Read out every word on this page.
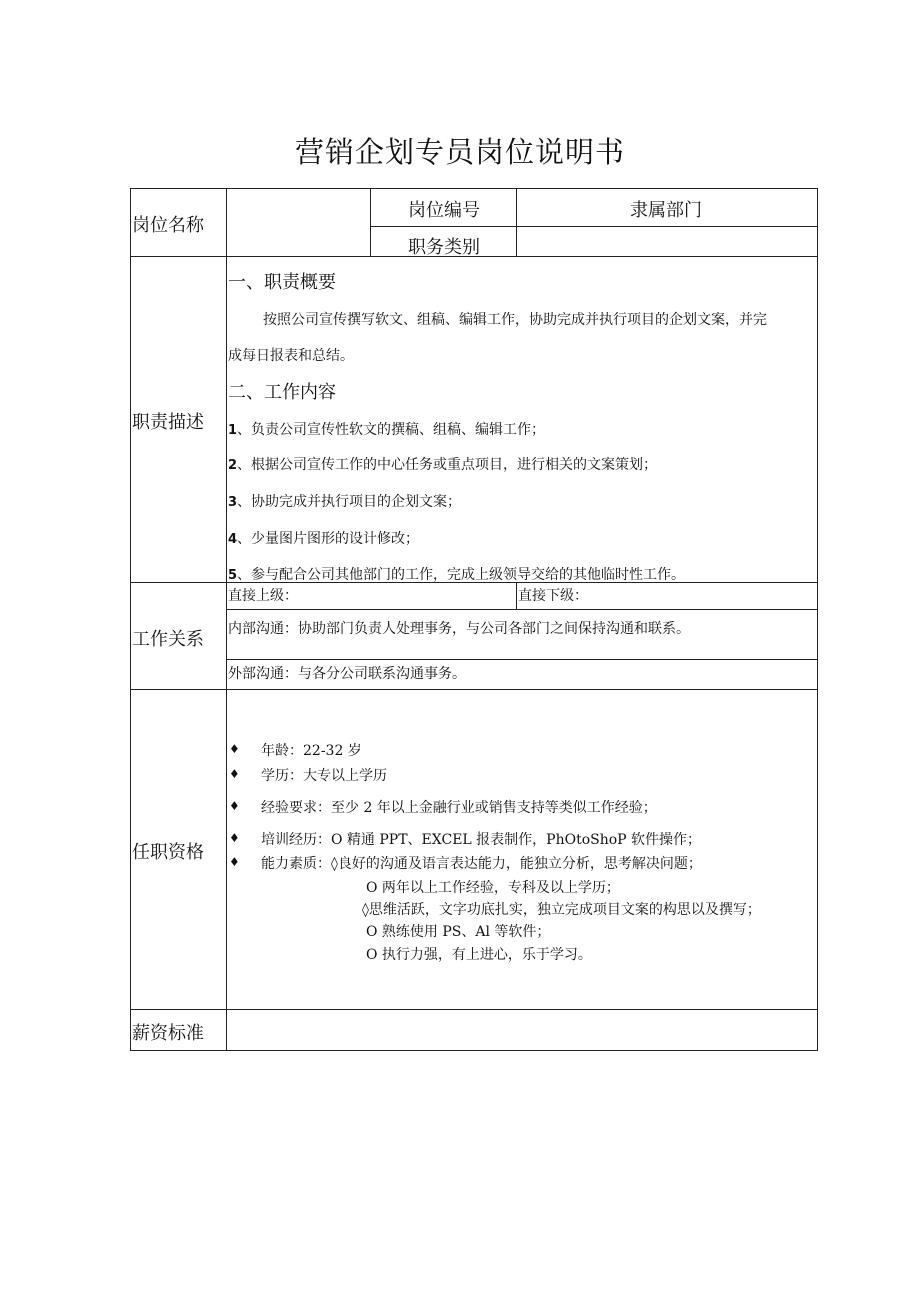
营销企划专员岗位说明书
岗位名称
岗位编号	隶属部门
职务类别
职责描述
一、职责概要
按照公司宣传撰写软文、组稿、编辑工作，协助完成并执行项目的企划文案，并完
成每日报表和总结。
二、工作内容
1、负责公司宣传性软文的撰稿、组稿、编辑工作；
2、根据公司宣传工作的中心任务或重点项目，进行相关的文案策划；
3、协助完成并执行项目的企划文案；
4、少量图片图形的设计修改；
5、参与配合公司其他部门的工作，完成上级领导交给的其他临时性工作。
工作关系
直接上级：	直接下级：
内部沟通：协助部门负责人处理事务，与公司各部门之间保持沟通和联系。
外部沟通：与各分公司联系沟通事务。
任职资格
♦ 年龄：22-32 岁
♦ 学历：大专以上学历
♦ 经验要求：至少 2 年以上金融行业或销售支持等类似工作经验；
♦ 培训经历：O 精通 PPT、EXCEL 报表制作，PhOtoShoP 软件操作；
♦ 能力素质：◊良好的沟通及语言表达能力，能独立分析，思考解决问题；
O 两年以上工作经验，专科及以上学历；
◊思维活跃，文字功底扎实，独立完成项目文案的构思以及撰写；
O 熟练使用 PS、Al 等软件；
O 执行力强，有上进心，乐于学习。
薪资标准
